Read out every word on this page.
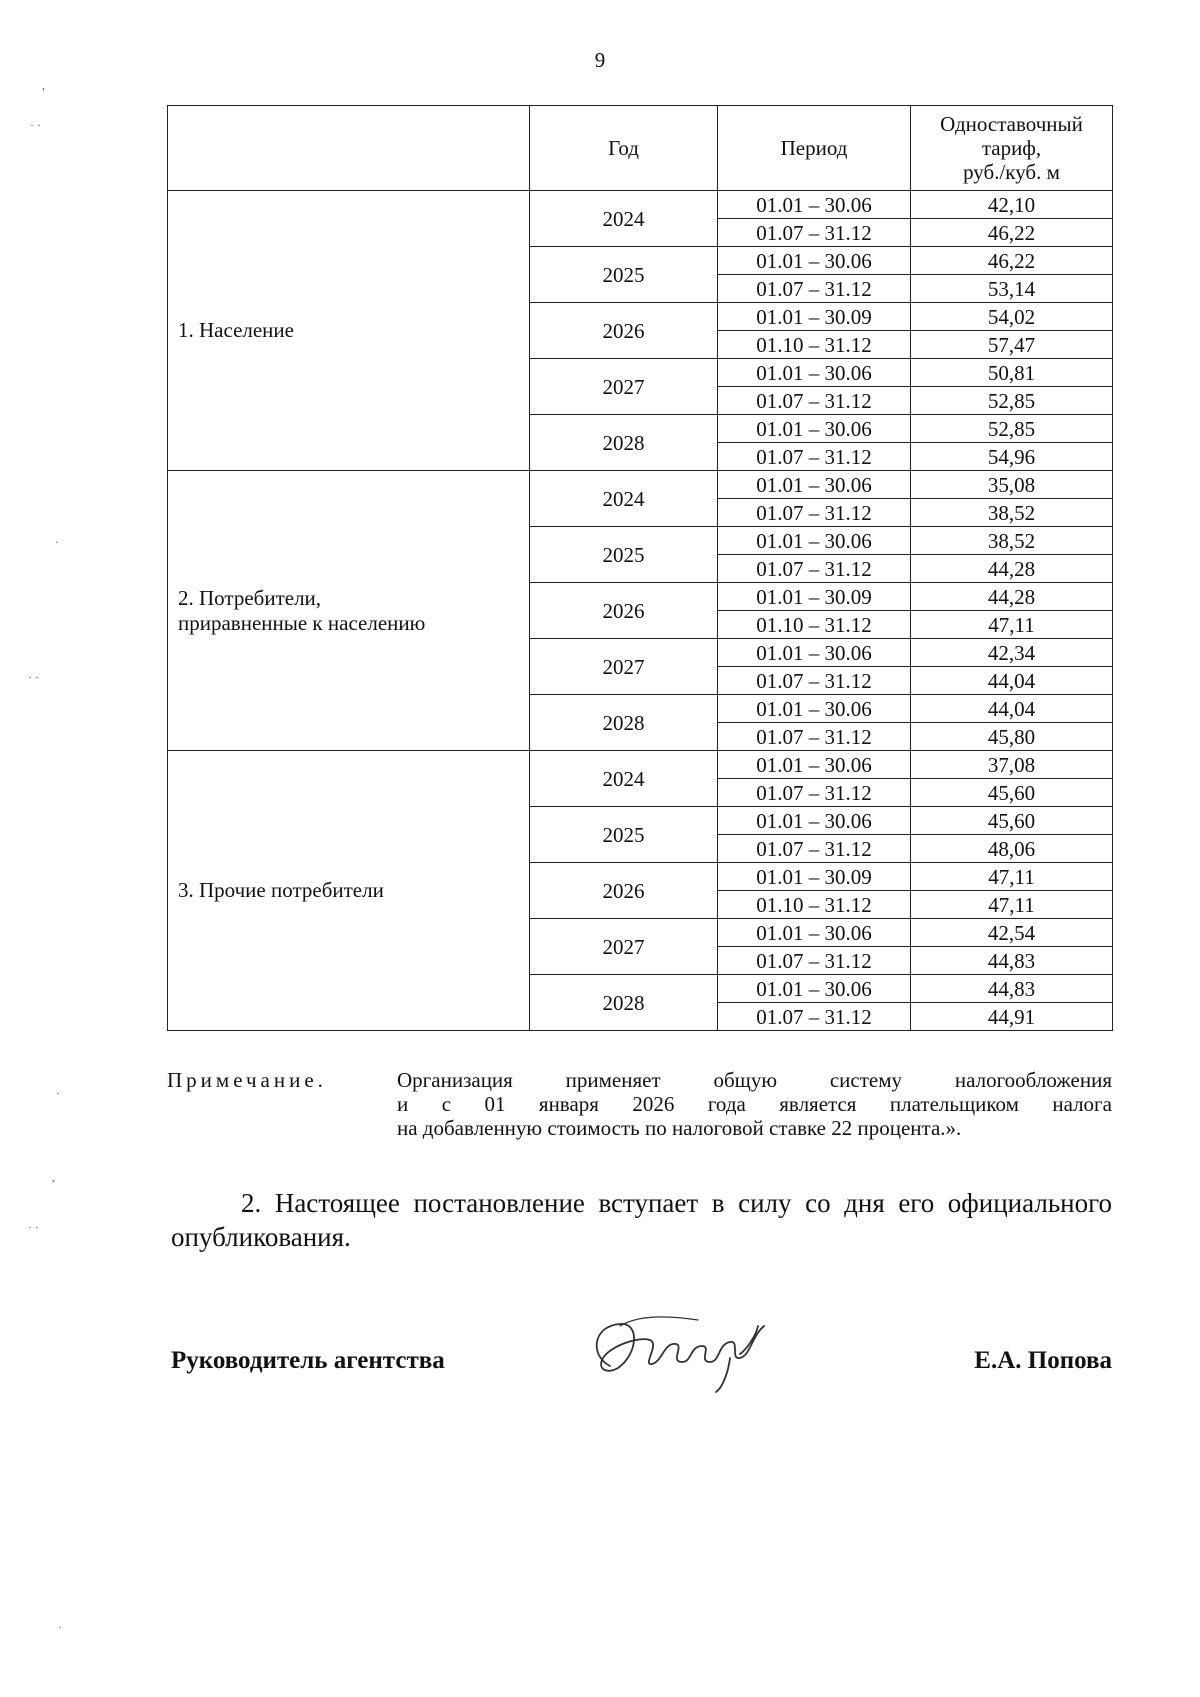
9
	Год	Период	Одноставочный
тариф,
руб./куб. м
1. Население	2024	01.01 – 30.06	42,10
		01.07 – 31.12	46,22
	2025	01.01 – 30.06	46,22
		01.07 – 31.12	53,14
	2026	01.01 – 30.09	54,02
		01.10 – 31.12	57,47
	2027	01.01 – 30.06	50,81
		01.07 – 31.12	52,85
	2028	01.01 – 30.06	52,85
		01.07 – 31.12	54,96
2. Потребители,
приравненные к населению	2024	01.01 – 30.06	35,08
		01.07 – 31.12	38,52
	2025	01.01 – 30.06	38,52
		01.07 – 31.12	44,28
	2026	01.01 – 30.09	44,28
		01.10 – 31.12	47,11
	2027	01.01 – 30.06	42,34
		01.07 – 31.12	44,04
	2028	01.01 – 30.06	44,04
		01.07 – 31.12	45,80
3. Прочие потребители	2024	01.01 – 30.06	37,08
		01.07 – 31.12	45,60
	2025	01.01 – 30.06	45,60
		01.07 – 31.12	48,06
	2026	01.01 – 30.09	47,11
		01.10 – 31.12	47,11
	2027	01.01 – 30.06	42,54
		01.07 – 31.12	44,83
	2028	01.01 – 30.06	44,83
		01.07 – 31.12	44,91
Примечание.	Организация применяет общую систему налогообложения
и с 01 января 2026 года является плательщиком налога
на добавленную стоимость по налоговой ставке 22 процента.».
2. Настоящее постановление вступает в силу со дня его официального опубликования.
Руководитель агентства	Е.А. Попова
,
· ·
·
· ·
·
,
· ·
·
